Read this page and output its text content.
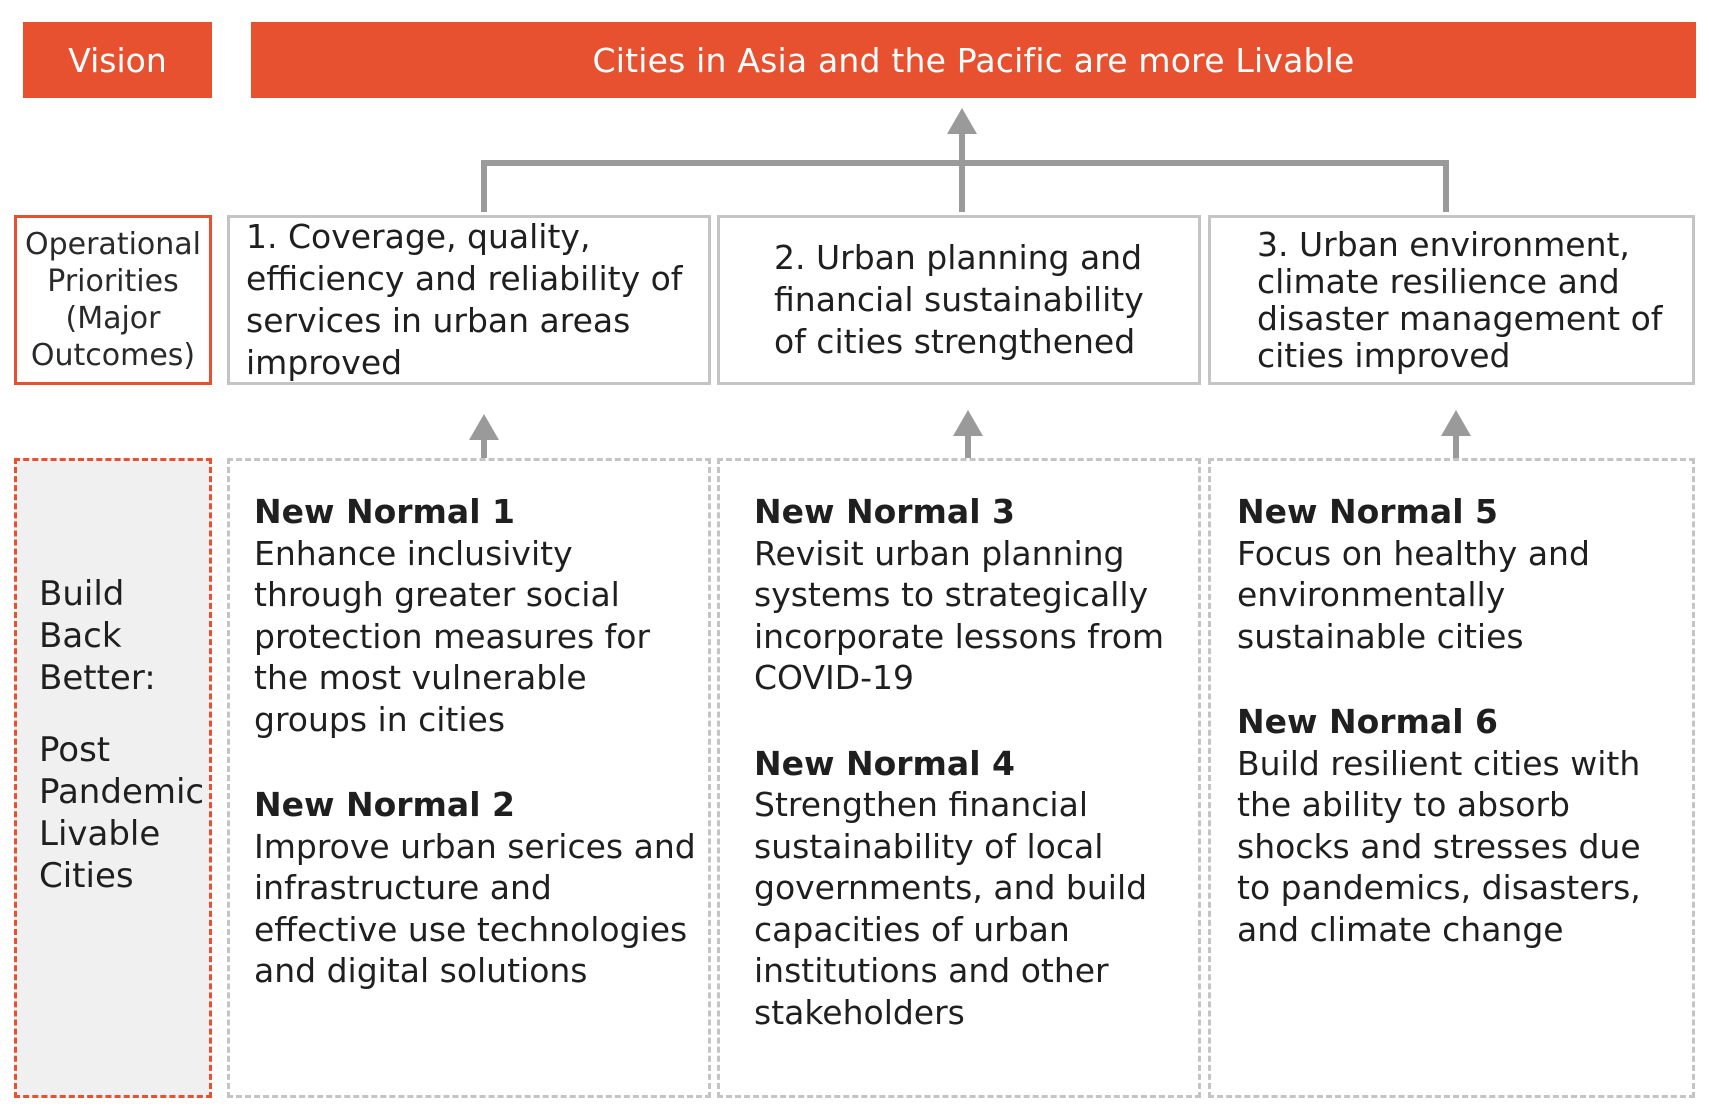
Vision	Cities in Asia and the Pacific are more Livable
Operational
Priorities
(Major
Outcomes)
1. Coverage, quality, efficiency and reliability of services in urban areas improved
2. Urban planning and financial sustainability of cities strengthened
3. Urban environment, climate resilience and disaster management of cities improved
Build
Back
Better:
Post
Pandemic
Livable
Cities
New Normal 1
Enhance inclusivity through greater social protection measures for the most vulnerable groups in cities
New Normal 2
Improve urban serices and infrastructure and effective use technologies and digital solutions
New Normal 3
Revisit urban planning systems to strategically incorporate lessons from COVID-19
New Normal 4
Strengthen financial sustainability of local governments, and build capacities of urban institutions and other stakeholders
New Normal 5
Focus on healthy and environmentally sustainable cities
New Normal 6
Build resilient cities with the ability to absorb shocks and stresses due to pandemics, disasters, and climate change
